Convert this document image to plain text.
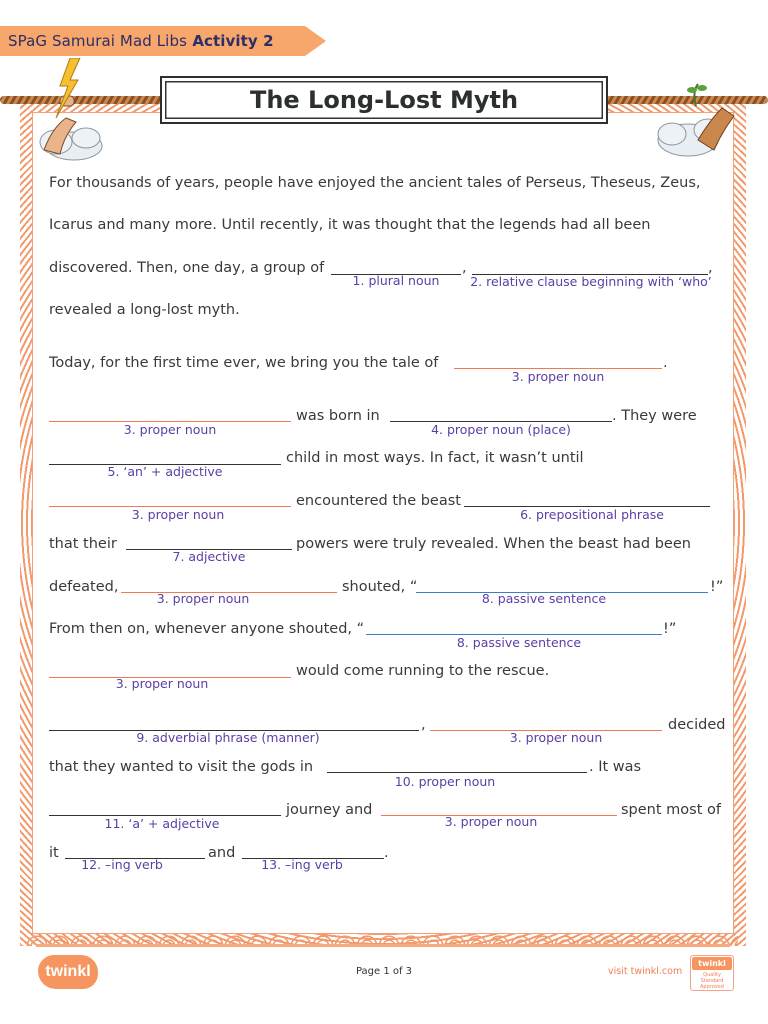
SPaG Samurai Mad Libs Activity 2
The Long-Lost Myth
For thousands of years, people have enjoyed the ancient tales of Perseus, Theseus, Zeus,
Icarus and many more. Until recently, it was thought that the legends had all been
discovered. Then, one day, a group of	,	,
1. plural noun	2. relative clause beginning with ‘who’
revealed a long-lost myth.
Today, for the first time ever, we bring you the tale of	.
3. proper noun
3. proper noun
was born in
4. proper noun (place)
. They were
5. ‘an’ + adjective
child in most ways. In fact, it wasn’t until
3. proper noun
encountered the beast
6. prepositional phrase
that their
7. adjective
powers were truly revealed. When the beast had been
defeated,
3. proper noun
shouted, “
8. passive sentence
!”
From then on, whenever anyone shouted, “
8. passive sentence
!”
3. proper noun
would come running to the rescue.
9. adverbial phrase (manner)
,
3. proper noun
decided
that they wanted to visit the gods in
10. proper noun
. It was
11. ‘a’ + adjective
journey and
3. proper noun
spent most of
it
12. –ing verb
and
13. –ing verb
.
twinkl	Page 1 of 3	visit twinkl.com
twinkl
Quality Standard Approved
